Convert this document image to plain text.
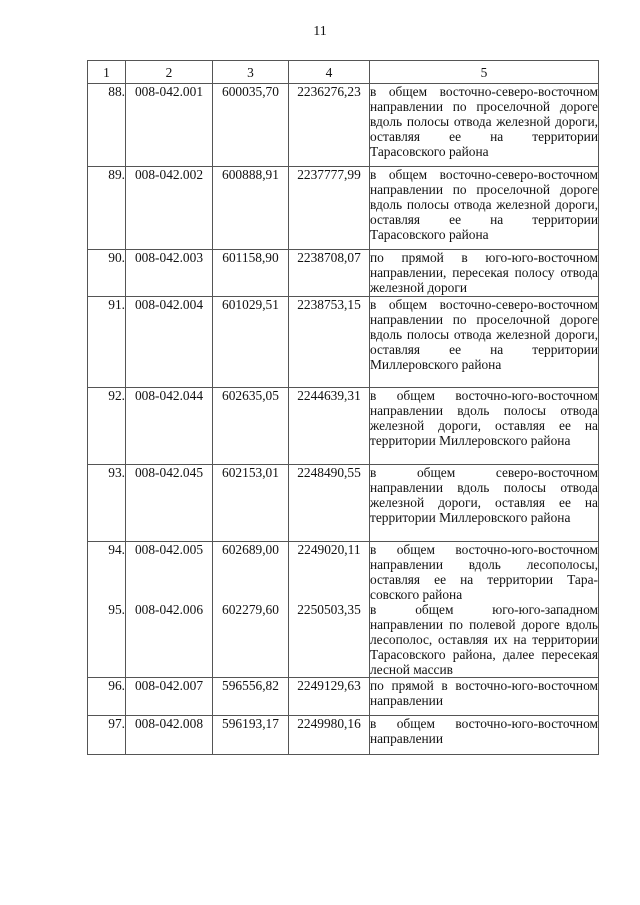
11
1	2	3	4	5
88.	008-042.001	600035,70	2236276,23	в общем восточно-северо-восточном направлении по проселочной дороге вдоль полосы отвода железной дороги, оставляя ее на территории Тарасовского района
89.	008-042.002	600888,91	2237777,99	в общем восточно-северо-восточном направлении по проселочной дороге вдоль полосы отвода железной дороги, оставляя ее на территории Тарасовского района
90.	008-042.003	601158,90	2238708,07	по прямой в юго-юго-восточном направлении, пересекая полосу отвода железной дороги
91.	008-042.004	601029,51	2238753,15	в общем восточно-северо-восточном направлении по проселочной дороге вдоль полосы отвода железной дороги, оставляя ее на территории Миллеровского района
92.	008-042.044	602635,05	2244639,31	в общем восточно-юго-восточном направлении вдоль полосы отвода железной дороги, оставляя ее на территории Миллеровского района
93.	008-042.045	602153,01	2248490,55	в общем северо-восточном направлении вдоль полосы отвода железной дороги, оставляя ее на территории Миллеровского района
94.	008-042.005	602689,00	2249020,11	в общем восточно-юго-восточном направлении вдоль лесополосы, оставляя ее на территории Тарасовского района
95.	008-042.006	602279,60	2250503,35	в общем юго-юго-западном направлении по полевой дороге вдоль лесополос, оставляя их на территории Тарасовского района, далее пересекая лесной массив
96.	008-042.007	596556,82	2249129,63	по прямой в восточно-юго-восточном направлении
97.	008-042.008	596193,17	2249980,16	в общем восточно-юго-восточном направлении
